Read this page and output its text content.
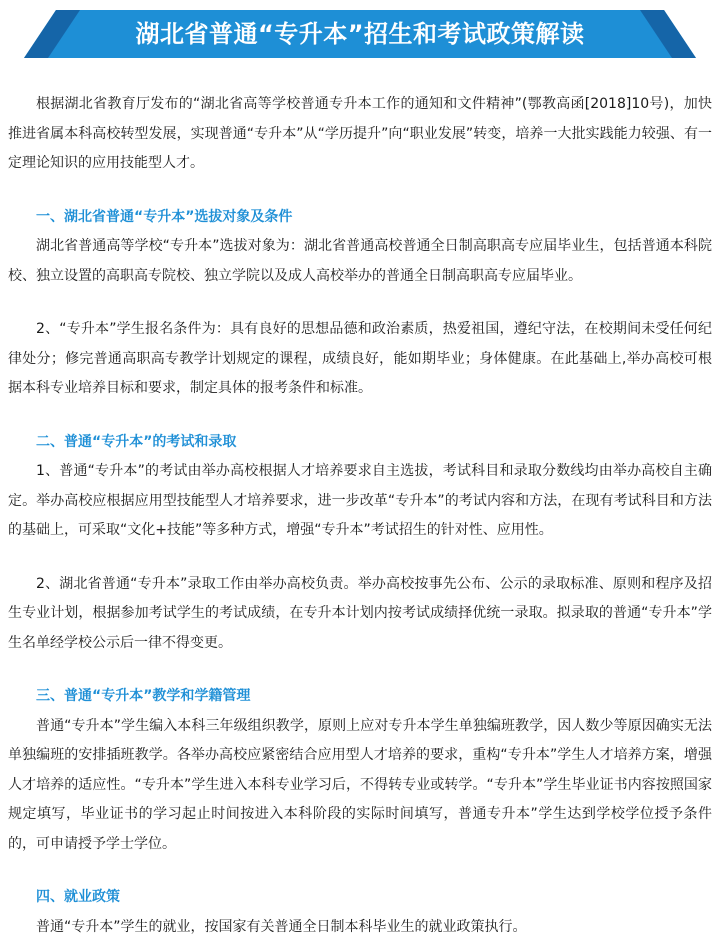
湖北省普通“专升本”招生和考试政策解读

根据湖北省教育厅发布的“湖北省高等学校普通专升本工作的通知和文件精神”(鄂教高函[2018]10号)，加快推进省属本科高校转型发展，实现普通“专升本”从“学历提升”向“职业发展”转变，培养一大批实践能力较强、有一定理论知识的应用技能型人才。

一、湖北省普通“专升本”选拔对象及条件

湖北省普通高等学校“专升本”选拔对象为：湖北省普通高校普通全日制高职高专应届毕业生，包括普通本科院校、独立设置的高职高专院校、独立学院以及成人高校举办的普通全日制高职高专应届毕业。

2、“专升本”学生报名条件为：具有良好的思想品德和政治素质，热爱祖国，遵纪守法，在校期间未受任何纪律处分；修完普通高职高专教学计划规定的课程，成绩良好，能如期毕业；身体健康。在此基础上,举办高校可根据本科专业培养目标和要求，制定具体的报考条件和标准。

二、普通“专升本”的考试和录取

1、普通“专升本”的考试由举办高校根据人才培养要求自主选拔，考试科目和录取分数线均由举办高校自主确定。举办高校应根据应用型技能型人才培养要求，进一步改革“专升本”的考试内容和方法，在现有考试科目和方法的基础上，可采取“文化+技能”等多种方式，增强“专升本”考试招生的针对性、应用性。

2、湖北省普通“专升本”录取工作由举办高校负责。举办高校按事先公布、公示的录取标准、原则和程序及招生专业计划，根据参加考试学生的考试成绩，在专升本计划内按考试成绩择优统一录取。拟录取的普通“专升本”学生名单经学校公示后一律不得变更。

三、普通“专升本”教学和学籍管理

普通“专升本”学生编入本科三年级组织教学，原则上应对专升本学生单独编班教学，因人数少等原因确实无法单独编班的安排插班教学。各举办高校应紧密结合应用型人才培养的要求，重构“专升本”学生人才培养方案，增强人才培养的适应性。“专升本”学生进入本科专业学习后，不得转专业或转学。“专升本”学生毕业证书内容按照国家规定填写，毕业证书的学习起止时间按进入本科阶段的实际时间填写，普通专升本”学生达到学校学位授予条件的，可申请授予学士学位。

四、就业政策

普通“专升本”学生的就业，按国家有关普通全日制本科毕业生的就业政策执行。
